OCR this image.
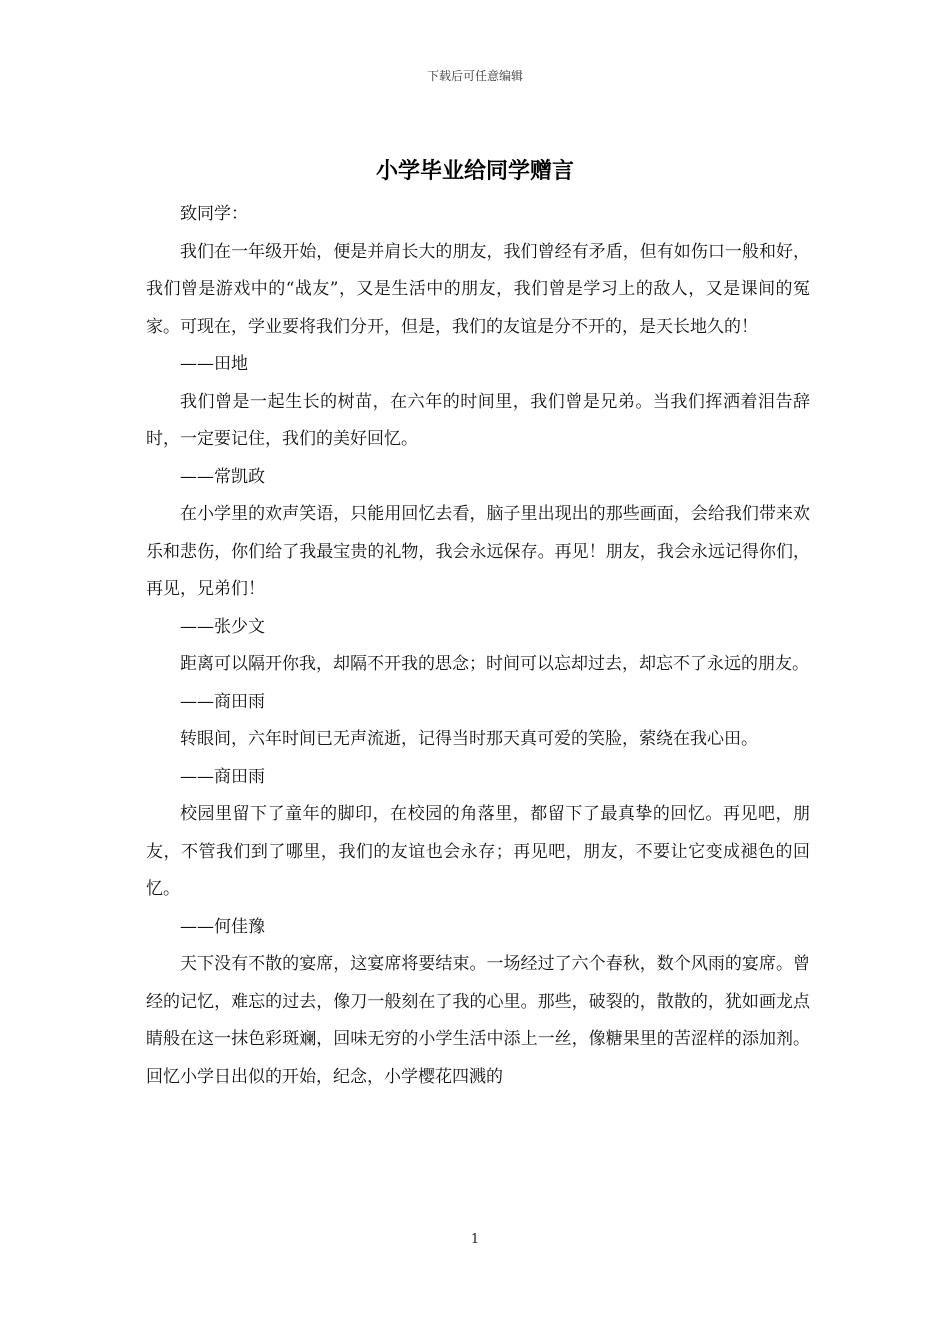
下载后可任意编辑
小学毕业给同学赠言

致同学：

我们在一年级开始，便是并肩长大的朋友，我们曾经有矛盾，但有如伤口一般和好，我们曾是游戏中的“战友”，又是生活中的朋友，我们曾是学习上的敌人，又是课间的冤家。可现在，学业要将我们分开，但是，我们的友谊是分不开的，是天长地久的！

——田地

我们曾是一起生长的树苗，在六年的时间里，我们曾是兄弟。当我们挥洒着泪告辞时，一定要记住，我们的美好回忆。

——常凯政

在小学里的欢声笑语，只能用回忆去看，脑子里出现出的那些画面，会给我们带来欢乐和悲伤，你们给了我最宝贵的礼物，我会永远保存。再见！朋友，我会永远记得你们，再见，兄弟们！

——张少文

距离可以隔开你我，却隔不开我的思念；时间可以忘却过去，却忘不了永远的朋友。

——商田雨

转眼间，六年时间已无声流逝，记得当时那天真可爱的笑脸，萦绕在我心田。

——商田雨

校园里留下了童年的脚印，在校园的角落里，都留下了最真挚的回忆。再见吧，朋友，不管我们到了哪里，我们的友谊也会永存；再见吧，朋友，不要让它变成褪色的回忆。

——何佳豫

天下没有不散的宴席，这宴席将要结束。一场经过了六个春秋，数个风雨的宴席。曾经的记忆，难忘的过去，像刀一般刻在了我的心里。那些，破裂的，散散的，犹如画龙点睛般在这一抹色彩斑斓，回味无穷的小学生活中添上一丝，像糖果里的苦涩样的添加剂。回忆小学日出似的开始，纪念，小学樱花四溅的

1
